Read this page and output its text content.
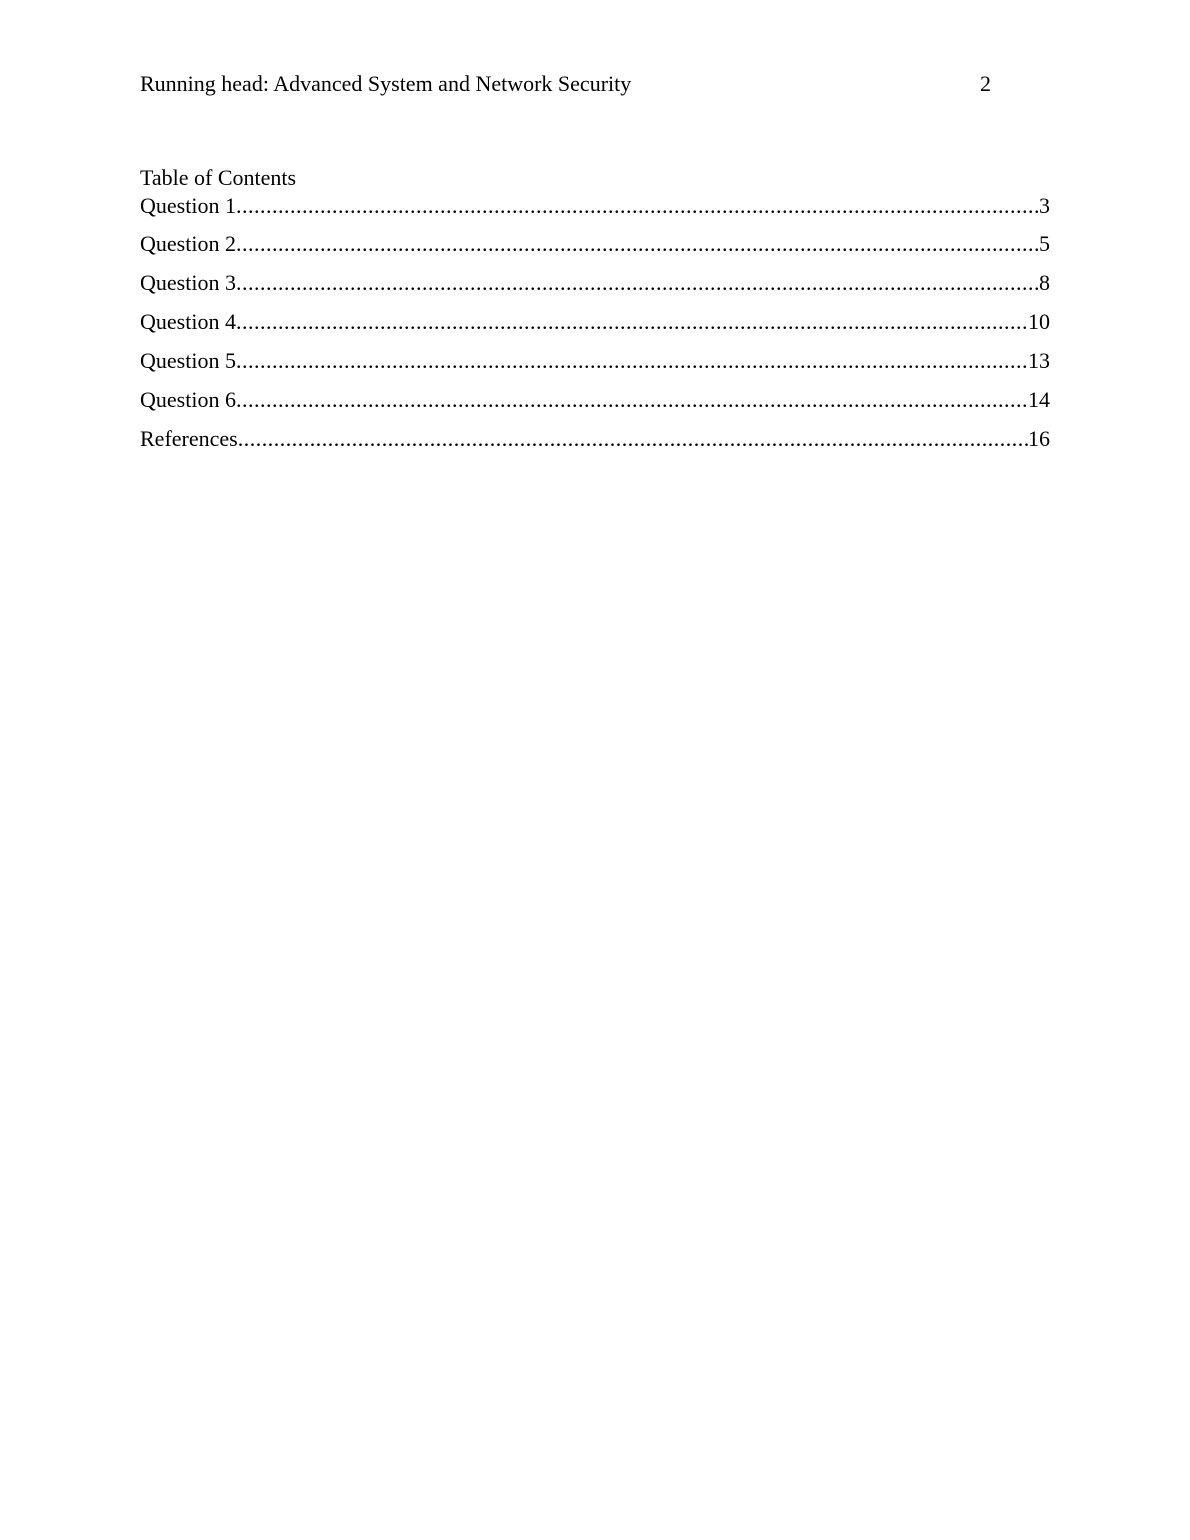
Running head: Advanced System and Network Security	2
Table of Contents
Question 1 .....	3
Question 2 .....	5
Question 3 .....	8
Question 4 .....	10
Question 5 .....	13
Question 6 .....	14
References .....	16
